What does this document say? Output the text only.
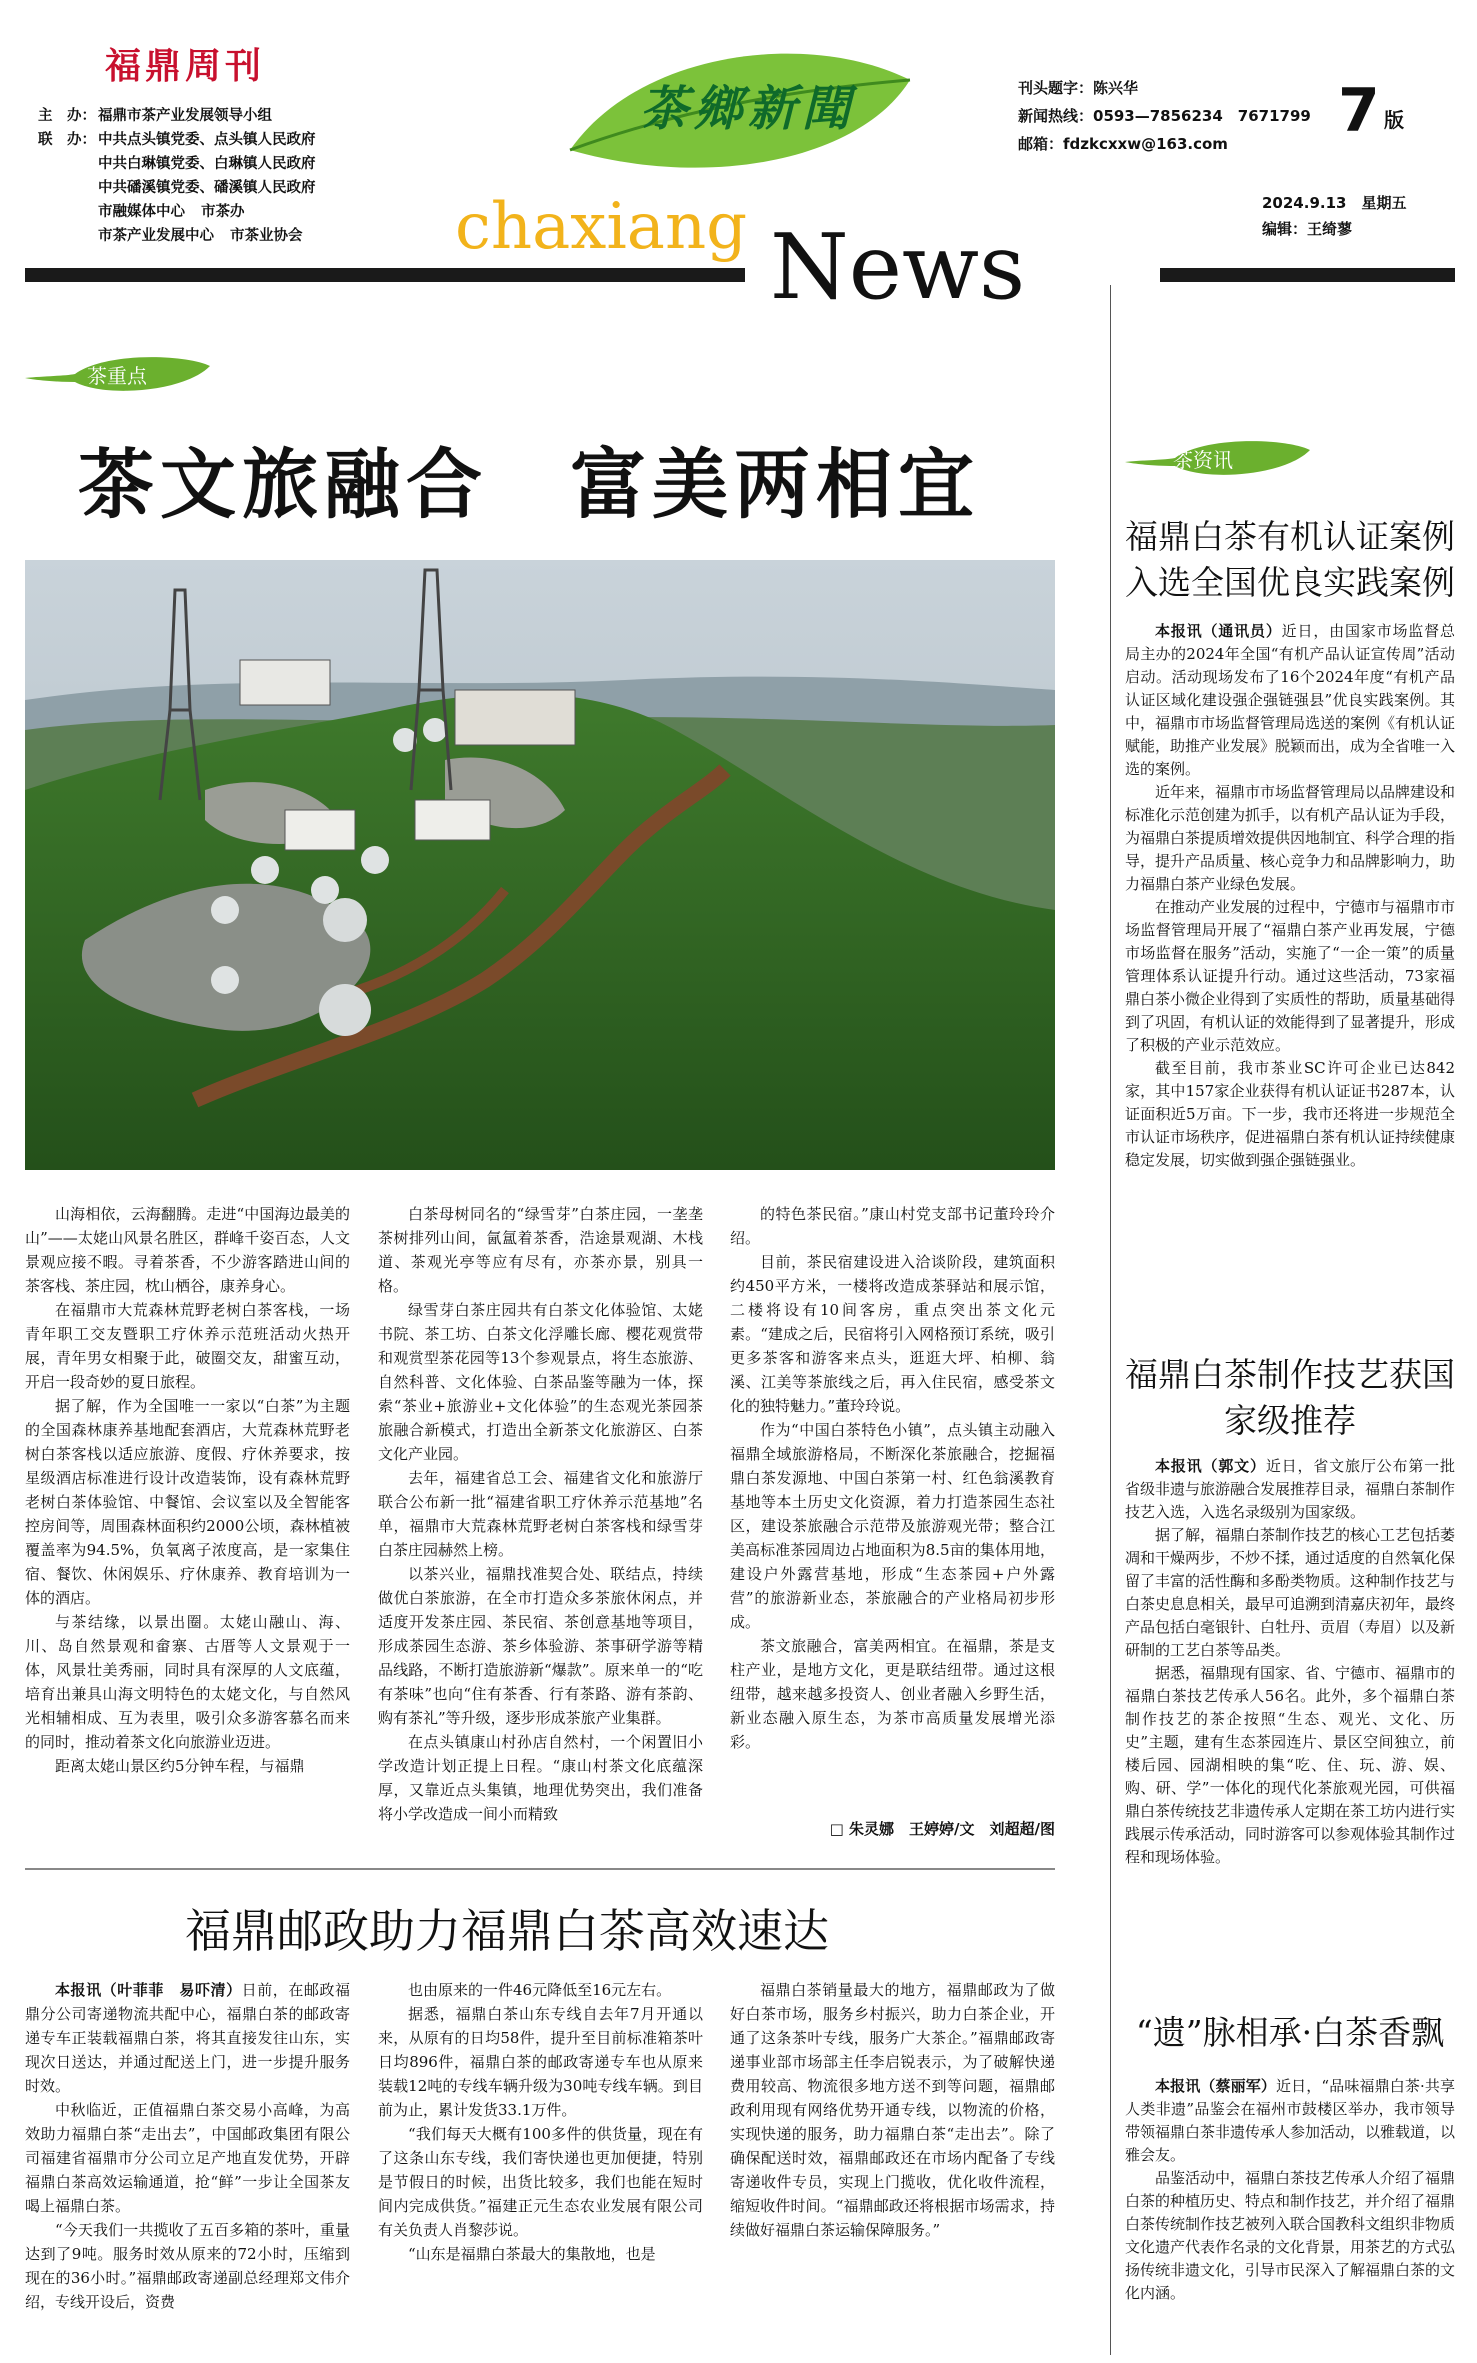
福鼎周刊
主　办： 福鼎市茶产业发展领导小组
联　办： 中共点头镇党委、点头镇人民政府
中共白琳镇党委、白琳镇人民政府
中共磻溪镇党委、磻溪镇人民政府
市融媒体中心 市茶办
市茶产业发展中心 市茶业协会
茶鄉新聞
chaxiang News
刊头题字：陈兴华
新闻热线：0593—7856234　7671799
邮箱：fdzkcxxw@163.com	7 版
2024.9.13　星期五
编辑：王绮蓼
茶重点
茶文旅融合　富美两相宜

山海相依，云海翻腾。走进“中国海边最美的山”——太姥山风景名胜区，群峰千姿百态，人文景观应接不暇。寻着茶香，不少游客踏进山间的茶客栈、茶庄园，枕山栖谷，康养身心。

在福鼎市大荒森林荒野老树白茶客栈，一场青年职工交友暨职工疗休养示范班活动火热开展，青年男女相聚于此，破圈交友，甜蜜互动，开启一段奇妙的夏日旅程。

据了解，作为全国唯一一家以“白茶”为主题的全国森林康养基地配套酒店，大荒森林荒野老树白茶客栈以适应旅游、度假、疗休养要求，按星级酒店标准进行设计改造装饰，设有森林荒野老树白茶体验馆、中餐馆、会议室以及全智能客控房间等，周围森林面积约2000公顷，森林植被覆盖率为94.5%，负氧离子浓度高，是一家集住宿、餐饮、休闲娱乐、疗休康养、教育培训为一体的酒店。

与茶结缘，以景出圈。太姥山融山、海、川、岛自然景观和畲寨、古厝等人文景观于一体，风景壮美秀丽，同时具有深厚的人文底蕴，培育出兼具山海文明特色的太姥文化，与自然风光相辅相成、互为表里，吸引众多游客慕名而来的同时，推动着茶文化向旅游业迈进。

距离太姥山景区约5分钟车程，与福鼎

白茶母树同名的“绿雪芽”白茶庄园，一垄垄茶树排列山间，氤氲着茶香，浩途景观湖、木栈道、茶观光亭等应有尽有，亦茶亦景，别具一格。

绿雪芽白茶庄园共有白茶文化体验馆、太姥书院、茶工坊、白茶文化浮雕长廊、樱花观赏带和观赏型茶花园等13个参观景点，将生态旅游、自然科普、文化体验、白茶品鉴等融为一体，探索“茶业+旅游业+文化体验”的生态观光茶园茶旅融合新模式，打造出全新茶文化旅游区、白茶文化产业园。

去年，福建省总工会、福建省文化和旅游厅联合公布新一批“福建省职工疗休养示范基地”名单，福鼎市大荒森林荒野老树白茶客栈和绿雪芽白茶庄园赫然上榜。

以茶兴业，福鼎找准契合处、联结点，持续做优白茶旅游，在全市打造众多茶旅休闲点，并适度开发茶庄园、茶民宿、茶创意基地等项目，形成茶园生态游、茶乡体验游、茶事研学游等精品线路，不断打造旅游新“爆款”。原来单一的“吃有茶味”也向“住有茶香、行有茶路、游有茶韵、购有茶礼”等升级，逐步形成茶旅产业集群。

在点头镇康山村孙店自然村，一个闲置旧小学改造计划正提上日程。“康山村茶文化底蕴深厚，又靠近点头集镇，地理优势突出，我们准备将小学改造成一间小而精致

的特色茶民宿。”康山村党支部书记董玲玲介绍。

目前，茶民宿建设进入洽谈阶段，建筑面积约450平方米，一楼将改造成茶驿站和展示馆，二楼将设有10间客房，重点突出茶文化元素。“建成之后，民宿将引入网格预订系统，吸引更多茶客和游客来点头，逛逛大坪、柏柳、翁溪、江美等茶旅线之后，再入住民宿，感受茶文化的独特魅力。”董玲玲说。

作为“中国白茶特色小镇”，点头镇主动融入福鼎全域旅游格局，不断深化茶旅融合，挖掘福鼎白茶发源地、中国白茶第一村、红色翁溪教育基地等本土历史文化资源，着力打造茶园生态社区，建设茶旅融合示范带及旅游观光带；整合江美高标准茶园周边占地面积为8.5亩的集体用地，建设户外露营基地，形成“生态茶园+户外露营”的旅游新业态，茶旅融合的产业格局初步形成。

茶文旅融合，富美两相宜。在福鼎，茶是支柱产业，是地方文化，更是联结纽带。通过这根纽带，越来越多投资人、创业者融入乡野生活，新业态融入原生态，为茶市高质量发展增光添彩。

□ 朱灵娜　王婷婷/文　刘超超/图
福鼎邮政助力福鼎白茶高效速达

本报讯（叶菲菲　易吓清）日前，在邮政福鼎分公司寄递物流共配中心，福鼎白茶的邮政寄递专车正装载福鼎白茶，将其直接发往山东，实现次日送达，并通过配送上门，进一步提升服务时效。

中秋临近，正值福鼎白茶交易小高峰，为高效助力福鼎白茶“走出去”，中国邮政集团有限公司福建省福鼎市分公司立足产地直发优势，开辟福鼎白茶高效运输通道，抢“鲜”一步让全国茶友喝上福鼎白茶。

“今天我们一共揽收了五百多箱的茶叶，重量达到了9吨。服务时效从原来的72小时，压缩到现在的36小时。”福鼎邮政寄递副总经理郑文伟介绍，专线开设后，资费

也由原来的一件46元降低至16元左右。

据悉，福鼎白茶山东专线自去年7月开通以来，从原有的日均58件，提升至目前标准箱茶叶日均896件，福鼎白茶的邮政寄递专车也从原来装载12吨的专线车辆升级为30吨专线车辆。到目前为止，累计发货33.1万件。

“我们每天大概有100多件的供货量，现在有了这条山东专线，我们寄快递也更加便捷，特别是节假日的时候，出货比较多，我们也能在短时间内完成供货。”福建正元生态农业发展有限公司有关负责人肖黎莎说。

“山东是福鼎白茶最大的集散地，也是

福鼎白茶销量最大的地方，福鼎邮政为了做好白茶市场，服务乡村振兴，助力白茶企业，开通了这条茶叶专线，服务广大茶企。”福鼎邮政寄递事业部市场部主任李启锐表示，为了破解快递费用较高、物流很多地方送不到等问题，福鼎邮政利用现有网络优势开通专线，以物流的价格，实现快递的服务，助力福鼎白茶“走出去”。除了确保配送时效，福鼎邮政还在市场内配备了专线寄递收件专员，实现上门揽收，优化收件流程，缩短收件时间。“福鼎邮政还将根据市场需求，持续做好福鼎白茶运输保障服务。”

茶资讯
福鼎白茶有机认证案例入选全国优良实践案例

本报讯（通讯员）近日，由国家市场监督总局主办的2024年全国“有机产品认证宣传周”活动启动。活动现场发布了16个2024年度“有机产品认证区域化建设强企强链强县”优良实践案例。其中，福鼎市市场监督管理局选送的案例《有机认证赋能，助推产业发展》脱颖而出，成为全省唯一入选的案例。

近年来，福鼎市市场监督管理局以品牌建设和标准化示范创建为抓手，以有机产品认证为手段，为福鼎白茶提质增效提供因地制宜、科学合理的指导，提升产品质量、核心竞争力和品牌影响力，助力福鼎白茶产业绿色发展。

在推动产业发展的过程中，宁德市与福鼎市市场监督管理局开展了“福鼎白茶产业再发展，宁德市场监督在服务”活动，实施了“一企一策”的质量管理体系认证提升行动。通过这些活动，73家福鼎白茶小微企业得到了实质性的帮助，质量基础得到了巩固，有机认证的效能得到了显著提升，形成了积极的产业示范效应。

截至目前，我市茶业SC许可企业已达842家，其中157家企业获得有机认证证书287本，认证面积近5万亩。下一步，我市还将进一步规范全市认证市场秩序，促进福鼎白茶有机认证持续健康稳定发展，切实做到强企强链强业。

福鼎白茶制作技艺获国家级推荐

本报讯（郭文）近日，省文旅厅公布第一批省级非遗与旅游融合发展推荐目录，福鼎白茶制作技艺入选，入选名录级别为国家级。

据了解，福鼎白茶制作技艺的核心工艺包括萎凋和干燥两步，不炒不揉，通过适度的自然氧化保留了丰富的活性酶和多酚类物质。这种制作技艺与白茶史息息相关，最早可追溯到清嘉庆初年，最终产品包括白毫银针、白牡丹、贡眉（寿眉）以及新研制的工艺白茶等品类。

据悉，福鼎现有国家、省、宁德市、福鼎市的福鼎白茶技艺传承人56名。此外，多个福鼎白茶制作技艺的茶企按照“生态、观光、文化、历史”主题，建有生态茶园连片、景区空间独立，前楼后园、园湖相映的集“吃、住、玩、游、娱、购、研、学”一体化的现代化茶旅观光园，可供福鼎白茶传统技艺非遗传承人定期在茶工坊内进行实践展示传承活动，同时游客可以参观体验其制作过程和现场体验。

“遗”脉相承·白茶香飘

本报讯（蔡丽军）近日，“品味福鼎白茶·共享人类非遗”品鉴会在福州市鼓楼区举办，我市领导带领福鼎白茶非遗传承人参加活动，以雅载道，以雅会友。

品鉴活动中，福鼎白茶技艺传承人介绍了福鼎白茶的种植历史、特点和制作技艺，并介绍了福鼎白茶传统制作技艺被列入联合国教科文组织非物质文化遗产代表作名录的文化背景，用茶艺的方式弘扬传统非遗文化，引导市民深入了解福鼎白茶的文化内涵。
